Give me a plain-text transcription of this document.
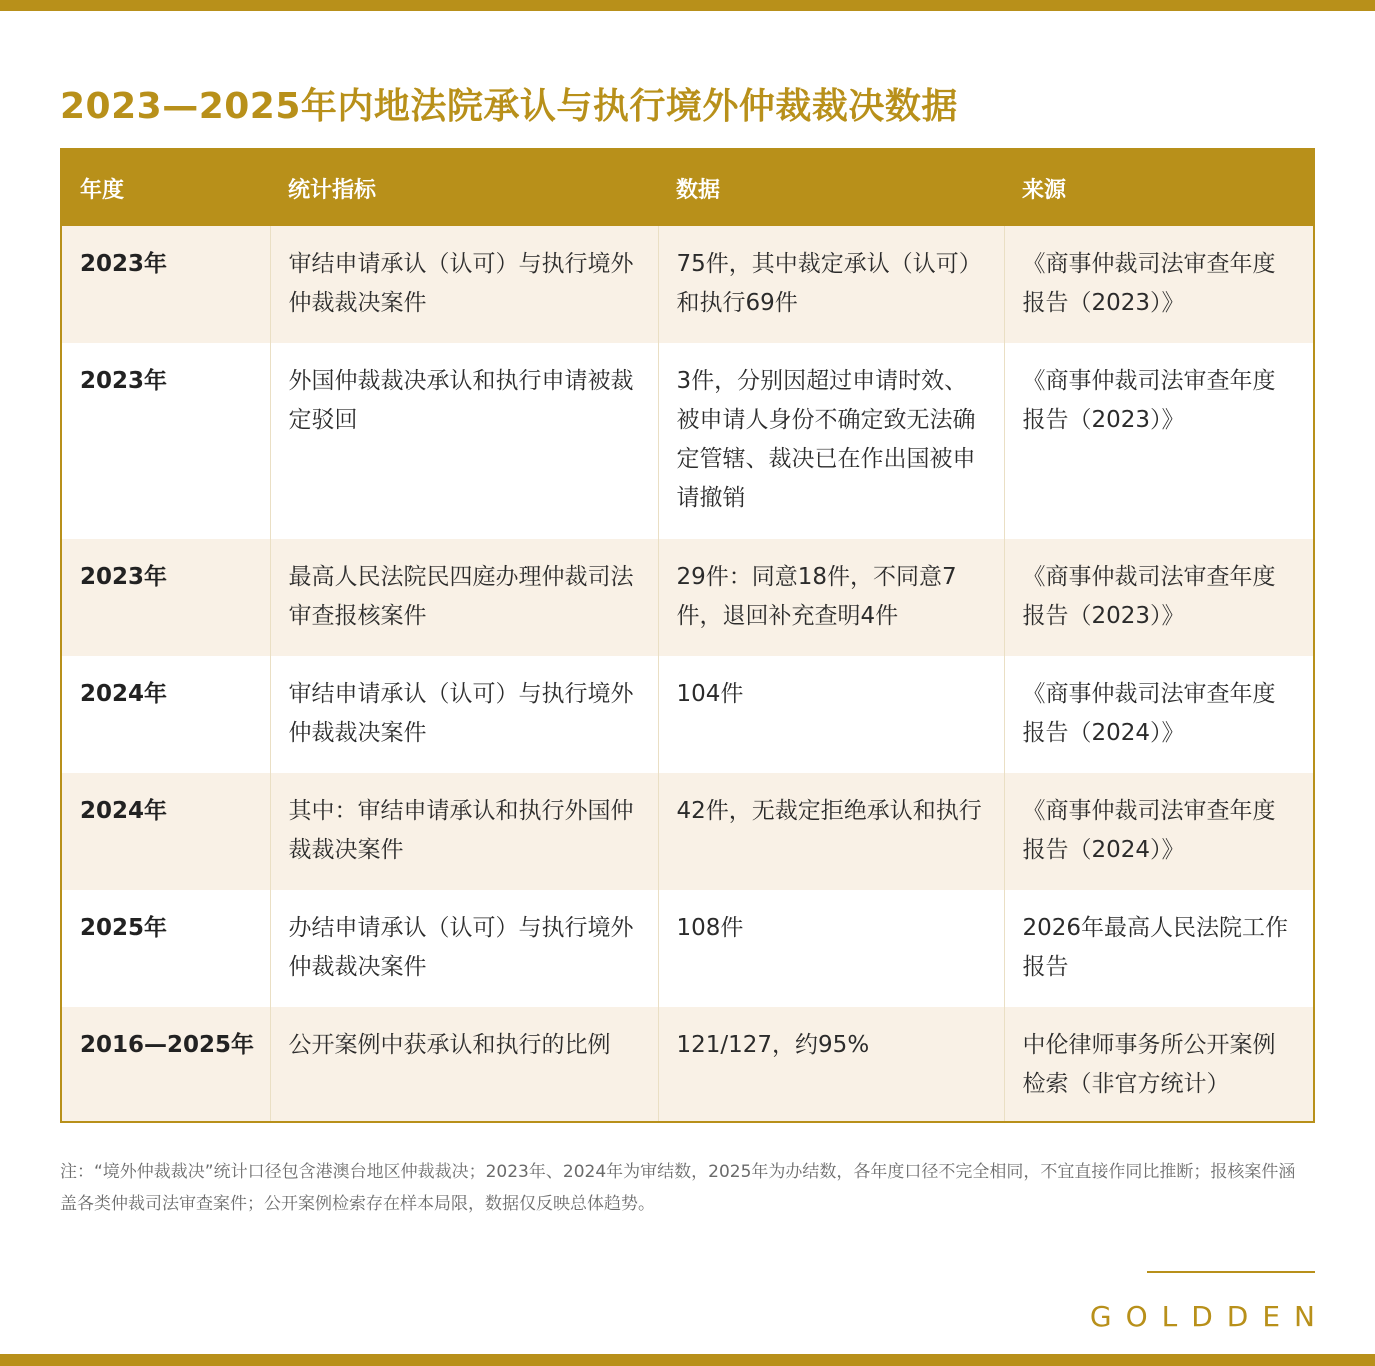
2023—2025年内地法院承认与执行境外仲裁裁决数据
年度	统计指标	数据	来源
2023年	审结申请承认（认可）与执行境外仲裁裁决案件	75件，其中裁定承认（认可）和执行69件	《商事仲裁司法审查年度报告（2023）》
2023年	外国仲裁裁决承认和执行申请被裁定驳回	3件，分别因超过申请时效、被申请人身份不确定致无法确定管辖、裁决已在作出国被申请撤销	《商事仲裁司法审查年度报告（2023）》
2023年	最高人民法院民四庭办理仲裁司法审查报核案件	29件：同意18件，不同意7件，退回补充查明4件	《商事仲裁司法审查年度报告（2023）》
2024年	审结申请承认（认可）与执行境外仲裁裁决案件	104件	《商事仲裁司法审查年度报告（2024）》
2024年	其中：审结申请承认和执行外国仲裁裁决案件	42件，无裁定拒绝承认和执行	《商事仲裁司法审查年度报告（2024）》
2025年	办结申请承认（认可）与执行境外仲裁裁决案件	108件	2026年最高人民法院工作报告
2016—2025年	公开案例中获承认和执行的比例	121/127，约95%	中伦律师事务所公开案例检索（非官方统计）
注：“境外仲裁裁决”统计口径包含港澳台地区仲裁裁决；2023年、2024年为审结数，2025年为办结数，各年度口径不完全相同，不宜直接作同比推断；报核案件涵盖各类仲裁司法审查案件；公开案例检索存在样本局限，数据仅反映总体趋势。
GOLDDEN
